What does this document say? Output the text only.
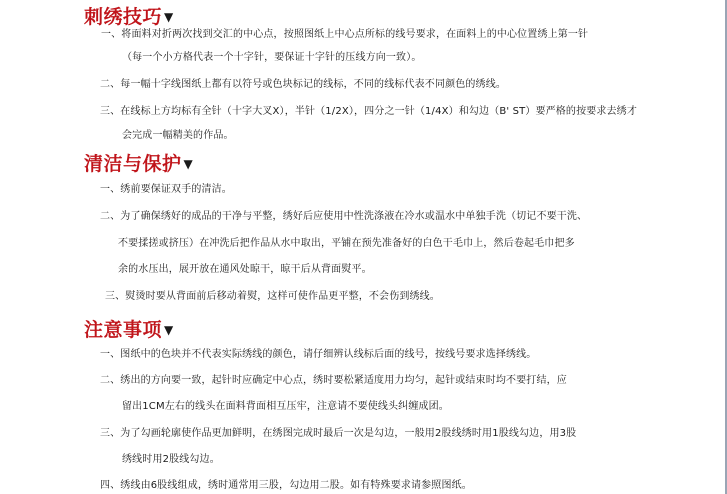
刺绣技巧 ▼
一、将面料对折两次找到交汇的中心点，按照图纸上中心点所标的线号要求，在面料上的中心位置绣上第一针
（每一个小方格代表一个十字针，要保证十字针的压线方向一致）。
二、每一幅十字线图纸上都有以符号或色块标记的线标，不同的线标代表不同颜色的绣线。
三、在线标上方均标有全针（十字大叉X），半针（1/2X），四分之一针（1/4X）和勾边（B' ST）要严格的按要求去绣才
会完成一幅精美的作品。
清洁与保护 ▼
一、绣前要保证双手的清洁。
二、为了确保绣好的成品的干净与平整，绣好后应使用中性洗涤液在冷水或温水中单独手洗（切记不要干洗、
不要揉搓或挤压）在冲洗后把作品从水中取出，平铺在预先准备好的白色干毛巾上，然后卷起毛巾把多
余的水压出，展开放在通风处晾干，晾干后从背面熨平。
三、熨烫时要从背面前后移动着熨，这样可使作品更平整，不会伤到绣线。
注意事项 ▼
一、图纸中的色块并不代表实际绣线的颜色，请仔细辨认线标后面的线号，按线号要求选择绣线。
二、绣出的方向要一致，起针时应确定中心点，绣时要松紧适度用力均匀，起针或结束时均不要打结，应
留出1CM左右的线头在面料背面相互压牢，注意请不要使线头纠缠成团。
三、为了勾画轮廓使作品更加鲜明，在绣图完成时最后一次是勾边，一般用2股线绣时用1股线勾边，用3股
绣线时用2股线勾边。
四、绣线由6股线组成，绣时通常用三股，勾边用二股。如有特殊要求请参照图纸。
